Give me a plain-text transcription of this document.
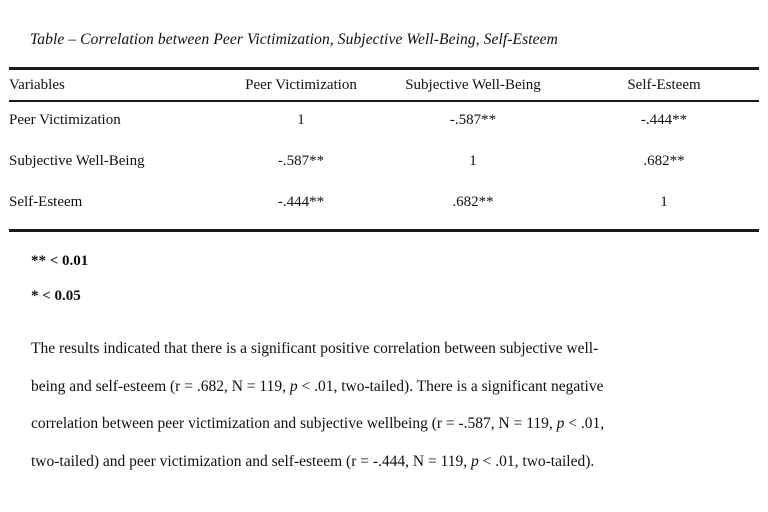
Table – Correlation between Peer Victimization, Subjective Well-Being, Self-Esteem
Variables	Peer Victimization	Subjective Well-Being	Self-Esteem
Peer Victimization	1	-.587**	-.444**
Subjective Well-Being	-.587**	1	.682**
Self-Esteem	-.444**	.682**	1
** < 0.01
* < 0.05
The results indicated that there is a significant positive correlation between subjective well-
being and self-esteem (r = .682, N = 119, p < .01, two-tailed). There is a significant negative
correlation between peer victimization and subjective wellbeing (r = -.587, N = 119, p < .01,
two-tailed) and peer victimization and self-esteem (r = -.444, N = 119, p < .01, two-tailed).
